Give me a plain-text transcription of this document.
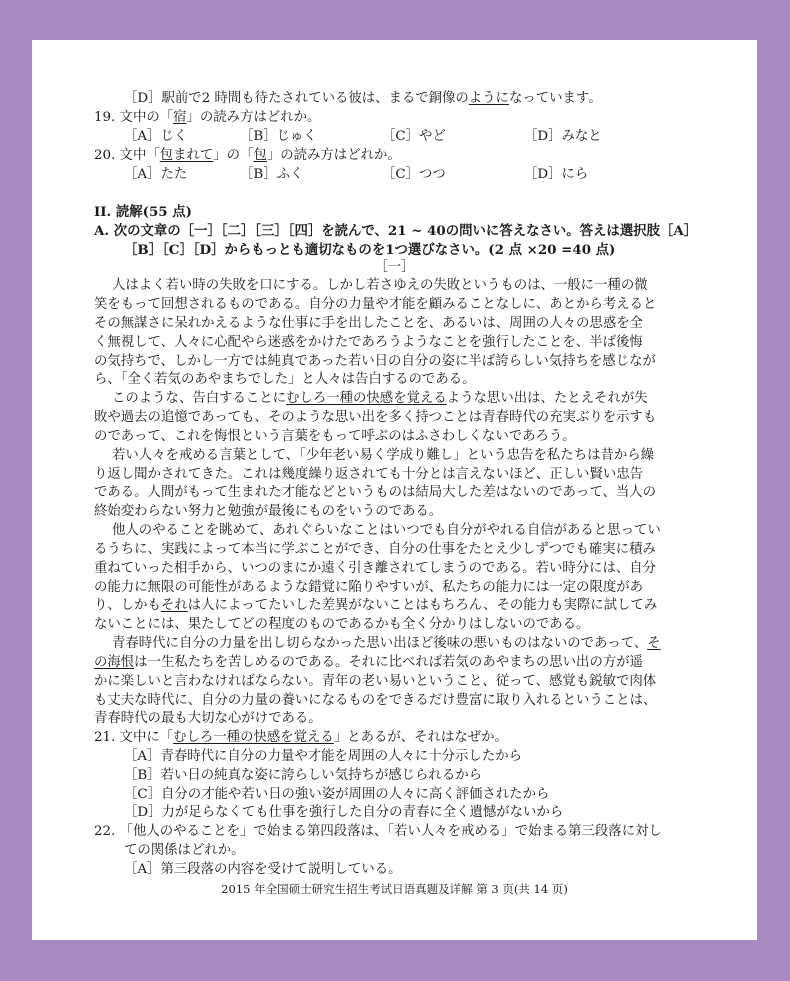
［D］駅前で2 時間も待たされている彼は、まるで銅像のようになっています。
19. 文中の「宿」の読み方はどれか。
［A］じく	［B］じゅく	［C］やど	［D］みなと
20. 文中「包まれて」の「包」の読み方はどれか。
［A］たた	［B］ふく	［C］つつ	［D］にら
II. 読解(55 点)
A. 次の文章の［一］［二］［三］［四］を読んで、21 ~ 40の問いに答えなさい。答えは選択肢［A］
［B］［C］［D］からもっとも適切なものを1つ選びなさい。(2 点 ×20 =40 点)
［一］
人はよく若い時の失敗を口にする。しかし若さゆえの失敗というものは、一般に一種の微
笑をもって回想されるものである。自分の力量や才能を顧みることなしに、あとから考えると
その無謀さに呆れかえるような仕事に手を出したことを、あるいは、周囲の人々の思惑を全
く無視して、人々に心配やら迷惑をかけたであろうようなことを強行したことを、半ば後悔
の気持ちで、しかし一方では純真であった若い日の自分の姿に半ば誇らしい気持ちを感じなが
ら、「全く若気のあやまちでした」と人々は告白するのである。
このような、告白することにむしろ一種の快感を覚えるような思い出は、たとえそれが失
敗や過去の追憶であっても、そのような思い出を多く持つことは青春時代の充実ぶりを示すも
のであって、これを悔恨という言葉をもって呼ぶのはふさわしくないであろう。
若い人々を戒める言葉として、「少年老い易く学成り難し」という忠告を私たちは昔から繰
り返し聞かされてきた。これは幾度繰り返されても十分とは言えないほど、正しい賢い忠告
である。人間がもって生まれた才能などというものは結局大した差はないのであって、当人の
終始変わらない努力と勉強が最後にものをいうのである。
他人のやることを眺めて、あれぐらいなことはいつでも自分がやれる自信があると思ってい
るうちに、実践によって本当に学ぶことができ、自分の仕事をたとえ少しずつでも確実に積み
重ねていった相手から、いつのまにか遠く引き離されてしまうのである。若い時分には、自分
の能力に無限の可能性があるような錯覚に陥りやすいが、私たちの能力には一定の限度があ
り、しかもそれは人によってたいした差異がないことはもちろん、その能力も実際に試してみ
ないことには、果たしてどの程度のものであるかも全く分かりはしないのである。
青春時代に自分の力量を出し切らなかった思い出ほど後味の悪いものはないのであって、そ
の海恨は一生私たちを苦しめるのである。それに比べれば若気のあやまちの思い出の方が遥
かに楽しいと言わなければならない。青年の老い易いということ、従って、感覚も鋭敏で肉体
も丈夫な時代に、自分の力量の養いになるものをできるだけ豊富に取り入れるということは、
青春時代の最も大切な心がけである。
21. 文中に「むしろ一種の快感を覚える」とあるが、それはなぜか。
［A］青春時代に自分の力量や才能を周囲の人々に十分示したから
［B］若い日の純真な姿に誇らしい気持ちが感じられるから
［C］自分の才能や若い日の強い姿が周囲の人々に高く評価されたから
［D］力が足らなくても仕事を強行した自分の青春に全く遺憾がないから
22. 「他人のやることを」で始まる第四段落は、「若い人々を戒める」で始まる第三段落に対し
ての関係はどれか。
［A］第三段落の内容を受けて説明している。
2015 年全国硕士研究生招生考试日语真题及详解 第 3 页(共 14 页)
